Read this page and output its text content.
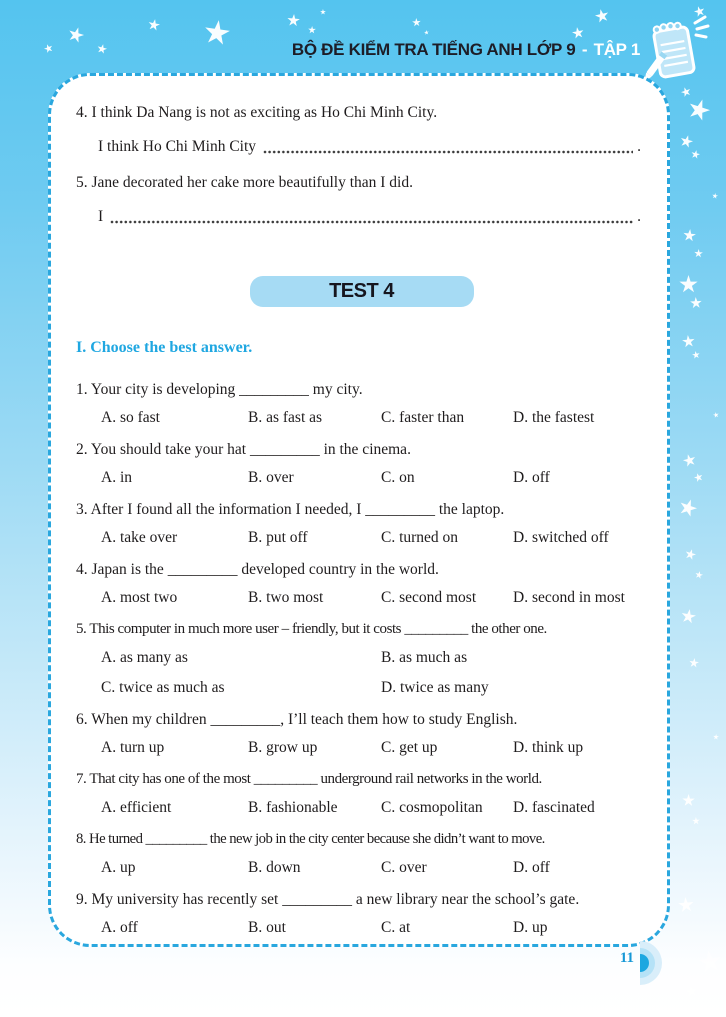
BỘ ĐỀ KIỂM TRA TIẾNG ANH LỚP 9 - TẬP 1
4. I think Da Nang is not as exciting as Ho Chi Minh City.
I think Ho Chi Minh City	.
5. Jane decorated her cake more beautifully than I did.
I	.
TEST 4
I. Choose the best answer.
1. Your city is developing _________ my city.
A. so fast	B. as fast as	C. faster than	D. the fastest
2. You should take your hat _________ in the cinema.
A. in	B. over	C. on	D. off
3. After I found all the information I needed, I _________ the laptop.
A. take over	B. put off	C. turned on	D. switched off
4. Japan is the _________ developed country in the world.
A. most two	B. two most	C. second most	D. second in most
5. This computer in much more user – friendly, but it costs _________ the other one.
A. as many as	B. as much as
C. twice as much as	D. twice as many
6. When my children _________, I’ll teach them how to study English.
A. turn up	B. grow up	C. get up	D. think up
7. That city has one of the most _________ underground rail networks in the world.
A. efficient	B. fashionable	C. cosmopolitan	D. fascinated
8. He turned _________ the new job in the city center because she didn’t want to move.
A. up	B. down	C. over	D. off
9. My university has recently set _________ a new library near the school’s gate.
A. off	B. out	C. at	D. up
11
